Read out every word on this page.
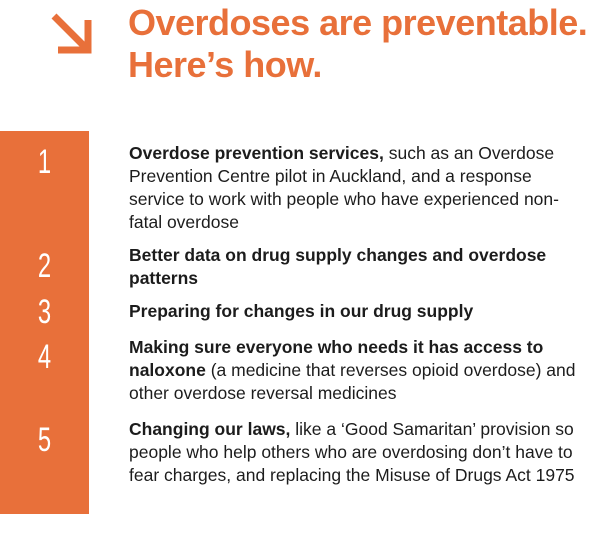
Overdoses are preventable. Here’s how.
1	Overdose prevention services, such as an Overdose Prevention Centre pilot in Auckland, and a response service to work with people who have experienced non-fatal overdose

2	Better data on drug supply changes and overdose patterns

3	Preparing for changes in our drug supply

4	Making sure everyone who needs it has access to naloxone (a medicine that reverses opioid overdose) and other overdose reversal medicines

5	Changing our laws, like a ‘Good Samaritan’ provision so people who help others who are overdosing don’t have to fear charges, and replacing the Misuse of Drugs Act 1975
